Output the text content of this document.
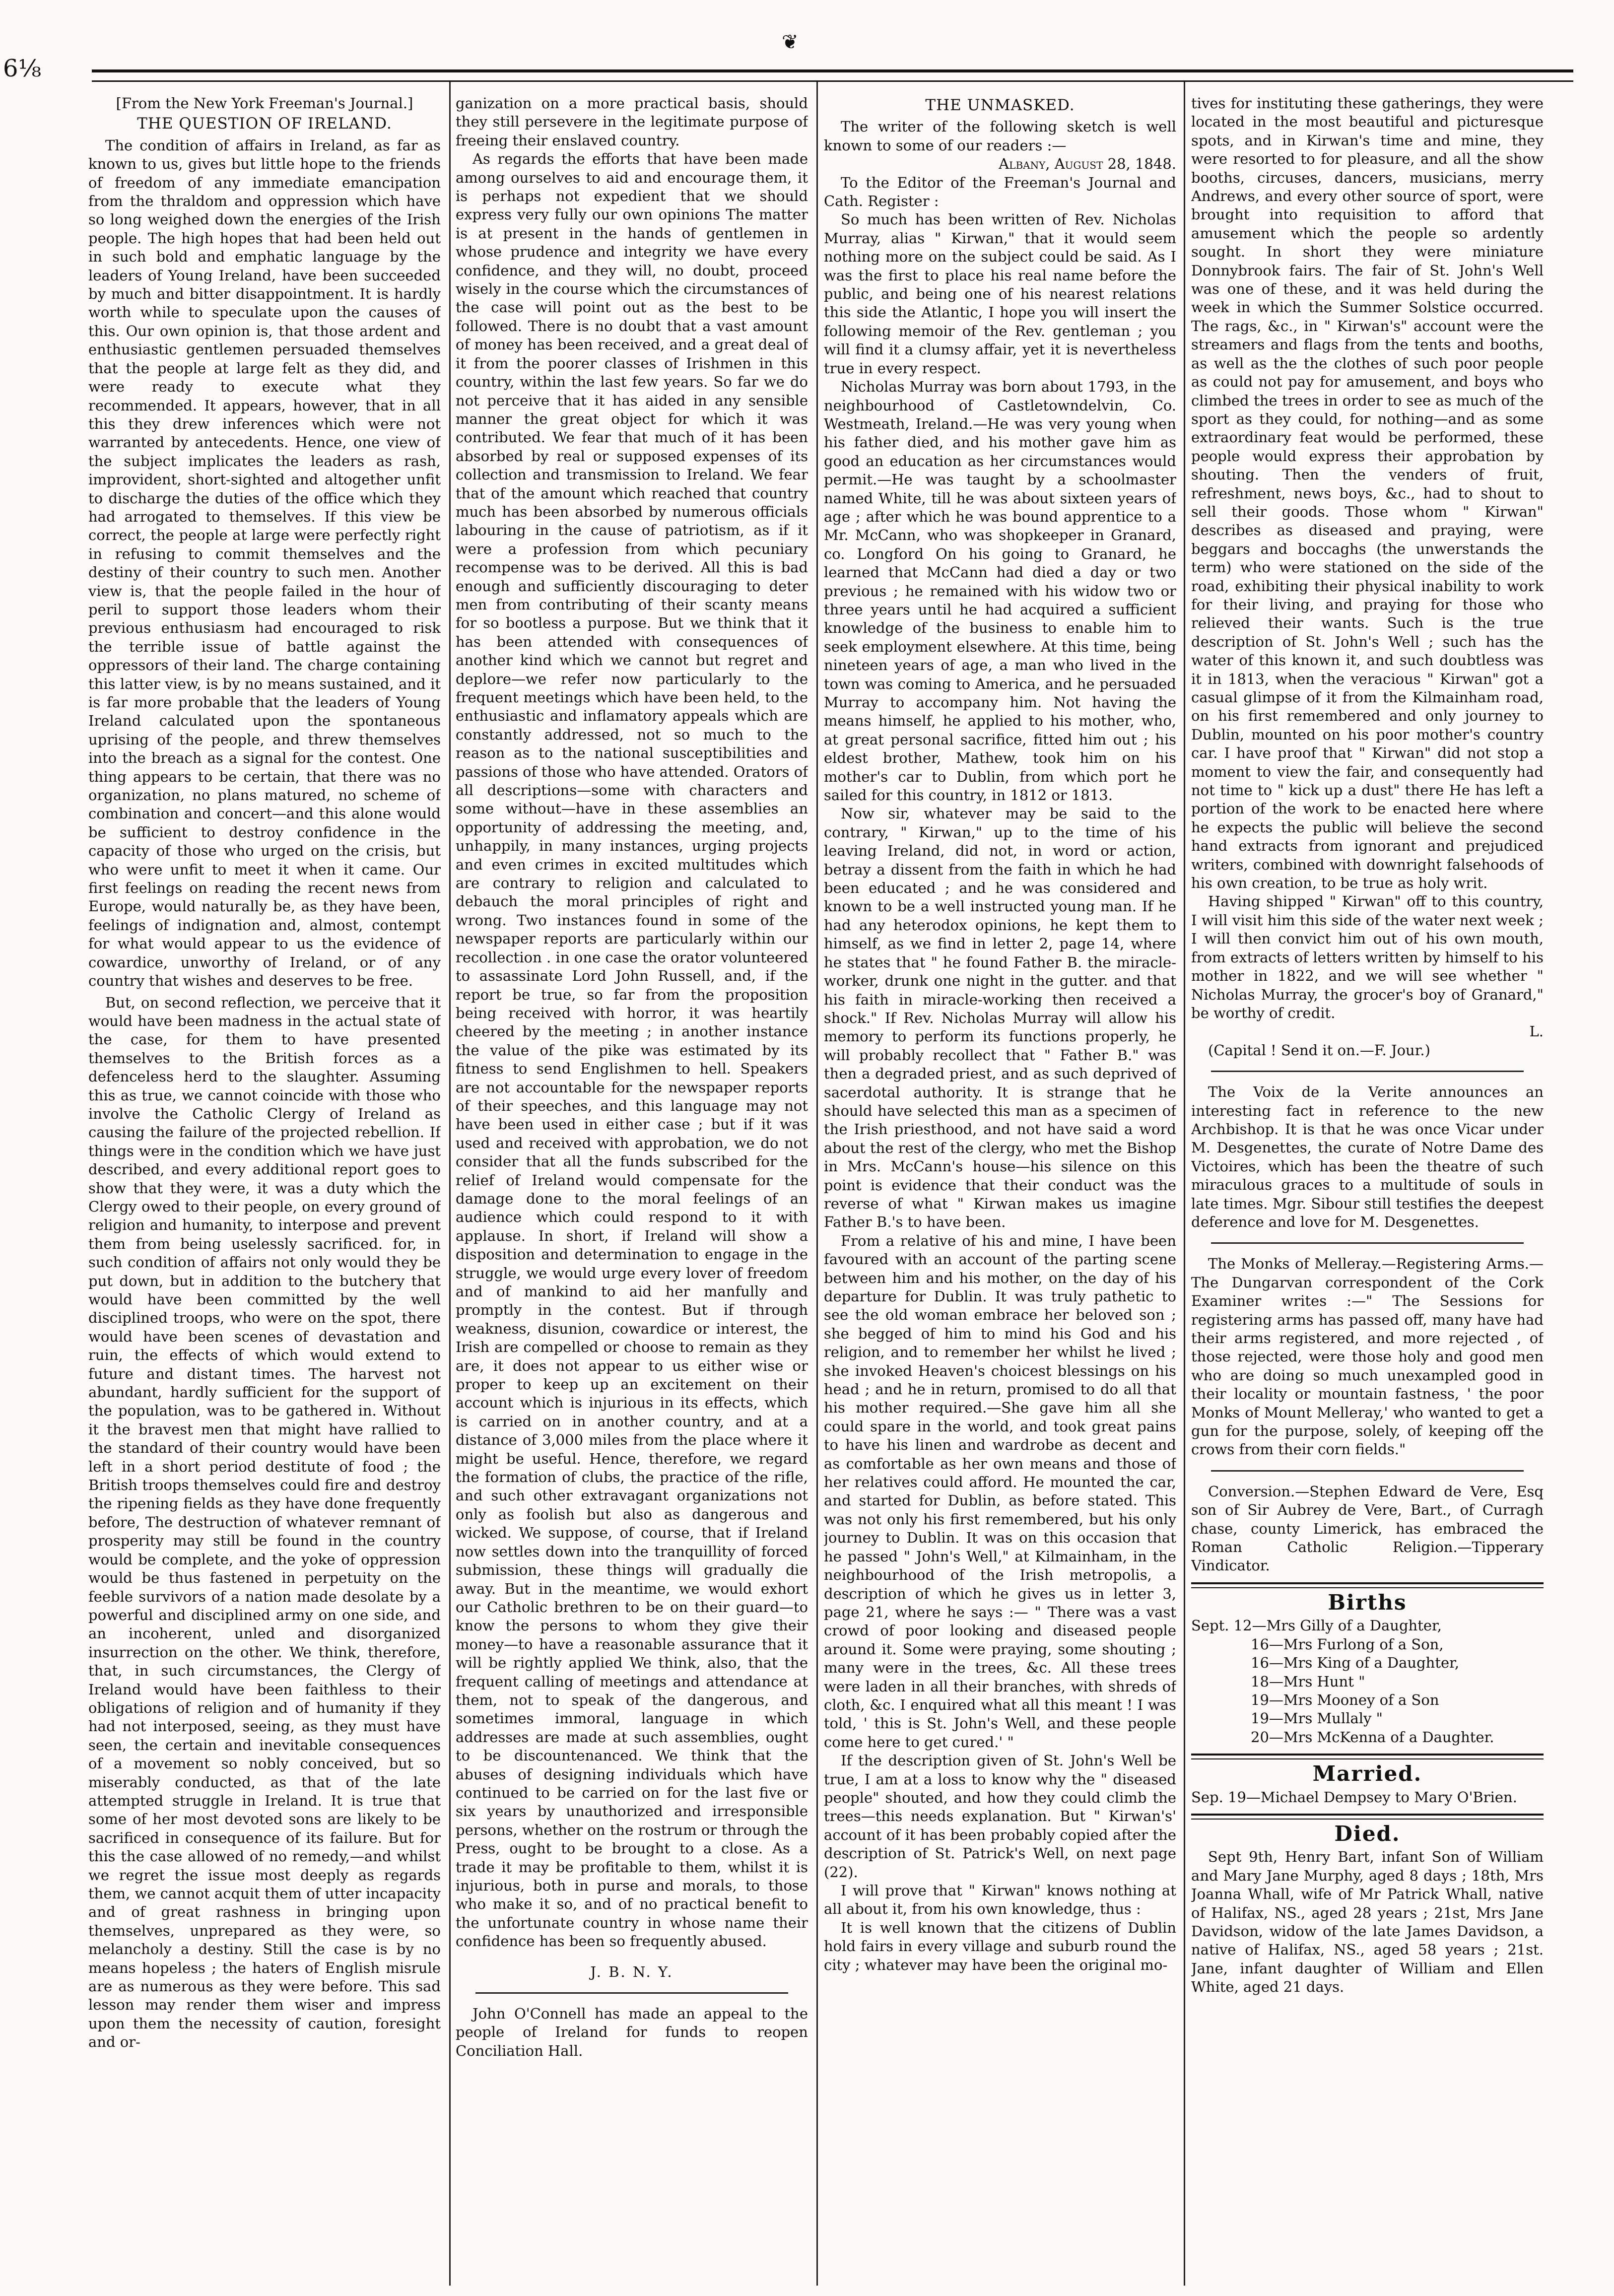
6⅛
❦

[From the New York Freeman's Journal.]

THE QUESTION OF IRELAND.

The condition of affairs in Ireland, as far as known to us, gives but little hope to the friends of freedom of any immediate emancipation from the thraldom and oppression which have so long weighed down the energies of the Irish people. The high hopes that had been held out in such bold and emphatic language by the leaders of Young Ireland, have been succeeded by much and bitter disappointment. It is hardly worth while to speculate upon the causes of this. Our own opinion is, that those ardent and enthusiastic gentlemen persuaded themselves that the people at large felt as they did, and were ready to execute what they recommended. It appears, however, that in all this they drew inferences which were not warranted by antecedents. Hence, one view of the subject implicates the leaders as rash, improvident, short-sighted and altogether unfit to discharge the duties of the office which they had arrogated to themselves. If this view be correct, the people at large were perfectly right in refusing to commit themselves and the destiny of their country to such men. Another view is, that the people failed in the hour of peril to support those leaders whom their previous enthusiasm had encouraged to risk the terrible issue of battle against the oppressors of their land. The charge containing this latter view, is by no means sustained, and it is far more probable that the leaders of Young Ireland calculated upon the spontaneous uprising of the people, and threw themselves into the breach as a signal for the contest. One thing appears to be certain, that there was no organization, no plans matured, no scheme of combination and concert—and this alone would be sufficient to destroy confidence in the capacity of those who urged on the crisis, but who were unfit to meet it when it came. Our first feelings on reading the recent news from Europe, would naturally be, as they have been, feelings of indignation and, almost, contempt for what would appear to us the evidence of cowardice, unworthy of Ireland, or of any country that wishes and deserves to be free.

But, on second reflection, we perceive that it would have been madness in the actual state of the case, for them to have presented themselves to the British forces as a defenceless herd to the slaughter. Assuming this as true, we cannot coincide with those who involve the Catholic Clergy of Ireland as causing the failure of the projected rebellion. If things were in the condition which we have just described, and every additional report goes to show that they were, it was a duty which the Clergy owed to their people, on every ground of religion and humanity, to interpose and prevent them from being uselessly sacrificed. for, in such condition of affairs not only would they be put down, but in addition to the butchery that would have been committed by the well disciplined troops, who were on the spot, there would have been scenes of devastation and ruin, the effects of which would extend to future and distant times. The harvest not abundant, hardly sufficient for the support of the population, was to be gathered in. Without it the bravest men that might have rallied to the standard of their country would have been left in a short period destitute of food ; the British troops themselves could fire and destroy the ripening fields as they have done frequently before, The destruction of whatever remnant of prosperity may still be found in the country would be complete, and the yoke of oppression would be thus fastened in perpetuity on the feeble survivors of a nation made desolate by a powerful and disciplined army on one side, and an incoherent, unled and disorganized insurrection on the other. We think, therefore, that, in such circumstances, the Clergy of Ireland would have been faithless to their obligations of religion and of humanity if they had not interposed, seeing, as they must have seen, the certain and inevitable consequences of a movement so nobly conceived, but so miserably conducted, as that of the late attempted struggle in Ireland. It is true that some of her most devoted sons are likely to be sacrificed in consequence of its failure. But for this the case allowed of no remedy,—and whilst we regret the issue most deeply as regards them, we cannot acquit them of utter incapacity and of great rashness in bringing upon themselves, unprepared as they were, so melancholy a destiny. Still the case is by no means hopeless ; the haters of English misrule are as numerous as they were before. This sad lesson may render them wiser and impress upon them the necessity of caution, foresight and or-

ganization on a more practical basis, should they still persevere in the legitimate purpose of freeing their enslaved country.

As regards the efforts that have been made among ourselves to aid and encourage them, it is perhaps not expedient that we should express very fully our own opinions The matter is at present in the hands of gentlemen in whose prudence and integrity we have every confidence, and they will, no doubt, proceed wisely in the course which the circumstances of the case will point out as the best to be followed. There is no doubt that a vast amount of money has been received, and a great deal of it from the poorer classes of Irishmen in this country, within the last few years. So far we do not perceive that it has aided in any sensible manner the great object for which it was contributed. We fear that much of it has been absorbed by real or supposed expenses of its collection and transmission to Ireland. We fear that of the amount which reached that country much has been absorbed by numerous officials labouring in the cause of patriotism, as if it were a profession from which pecuniary recompense was to be derived. All this is bad enough and sufficiently discouraging to deter men from contributing of their scanty means for so bootless a purpose. But we think that it has been attended with consequences of another kind which we cannot but regret and deplore—we refer now particularly to the frequent meetings which have been held, to the enthusiastic and inflamatory appeals which are constantly addressed, not so much to the reason as to the national susceptibilities and passions of those who have attended. Orators of all descriptions—some with characters and some without—have in these assemblies an opportunity of addressing the meeting, and, unhappily, in many instances, urging projects and even crimes in excited multitudes which are contrary to religion and calculated to debauch the moral principles of right and wrong. Two instances found in some of the newspaper reports are particularly within our recollection . in one case the orator volunteered to assassinate Lord John Russell, and, if the report be true, so far from the proposition being received with horror, it was heartily cheered by the meeting ; in another instance the value of the pike was estimated by its fitness to send Englishmen to hell. Speakers are not accountable for the newspaper reports of their speeches, and this language may not have been used in either case ; but if it was used and received with approbation, we do not consider that all the funds subscribed for the relief of Ireland would compensate for the damage done to the moral feelings of an audience which could respond to it with applause. In short, if Ireland will show a disposition and determination to engage in the struggle, we would urge every lover of freedom and of mankind to aid her manfully and promptly in the contest. But if through weakness, disunion, cowardice or interest, the Irish are compelled or choose to remain as they are, it does not appear to us either wise or proper to keep up an excitement on their account which is injurious in its effects, which is carried on in another country, and at a distance of 3,000 miles from the place where it might be useful. Hence, therefore, we regard the formation of clubs, the practice of the rifle, and such other extravagant organizations not only as foolish but also as dangerous and wicked. We suppose, of course, that if Ireland now settles down into the tranquillity of forced submission, these things will gradually die away. But in the meantime, we would exhort our Catholic brethren to be on their guard—to know the persons to whom they give their money—to have a reasonable assurance that it will be rightly applied We think, also, that the frequent calling of meetings and attendance at them, not to speak of the dangerous, and sometimes immoral, language in which addresses are made at such assemblies, ought to be discountenanced. We think that the abuses of designing individuals which have continued to be carried on for the last five or six years by unauthorized and irresponsible persons, whether on the rostrum or through the Press, ought to be brought to a close. As a trade it may be profitable to them, whilst it is injurious, both in purse and morals, to those who make it so, and of no practical benefit to the unfortunate country in whose name their confidence has been so frequently abused.

J. B. N. Y.

John O'Connell has made an appeal to the people of Ireland for funds to reopen Conciliation Hall.

THE UNMASKED.

The writer of the following sketch is well known to some of our readers :—

Albany, August 28, 1848.

To the Editor of the Freeman's Journal and Cath. Register :

So much has been written of Rev. Nicholas Murray, alias " Kirwan," that it would seem nothing more on the subject could be said. As I was the first to place his real name before the public, and being one of his nearest relations this side the Atlantic, I hope you will insert the following memoir of the Rev. gentleman ; you will find it a clumsy affair, yet it is nevertheless true in every respect.

Nicholas Murray was born about 1793, in the neighbourhood of Castletowndelvin, Co. Westmeath, Ireland.—He was very young when his father died, and his mother gave him as good an education as her circumstances would permit.—He was taught by a schoolmaster named White, till he was about sixteen years of age ; after which he was bound apprentice to a Mr. McCann, who was shopkeeper in Granard, co. Longford On his going to Granard, he learned that McCann had died a day or two previous ; he remained with his widow two or three years until he had acquired a sufficient knowledge of the business to enable him to seek employment elsewhere. At this time, being nineteen years of age, a man who lived in the town was coming to America, and he persuaded Murray to accompany him. Not having the means himself, he applied to his mother, who, at great personal sacrifice, fitted him out ; his eldest brother, Mathew, took him on his mother's car to Dublin, from which port he sailed for this country, in 1812 or 1813.

Now sir, whatever may be said to the contrary, " Kirwan," up to the time of his leaving Ireland, did not, in word or action, betray a dissent from the faith in which he had been educated ; and he was considered and known to be a well instructed young man. If he had any heterodox opinions, he kept them to himself, as we find in letter 2, page 14, where he states that " he found Father B. the miracle-worker, drunk one night in the gutter. and that his faith in miracle-working then received a shock." If Rev. Nicholas Murray will allow his memory to perform its functions properly, he will probably recollect that " Father B." was then a degraded priest, and as such deprived of sacerdotal authority. It is strange that he should have selected this man as a specimen of the Irish priesthood, and not have said a word about the rest of the clergy, who met the Bishop in Mrs. McCann's house—his silence on this point is evidence that their conduct was the reverse of what " Kirwan makes us imagine Father B.'s to have been.

From a relative of his and mine, I have been favoured with an account of the parting scene between him and his mother, on the day of his departure for Dublin. It was truly pathetic to see the old woman embrace her beloved son ; she begged of him to mind his God and his religion, and to remember her whilst he lived ; she invoked Heaven's choicest blessings on his head ; and he in return, promised to do all that his mother required.—She gave him all she could spare in the world, and took great pains to have his linen and wardrobe as decent and as comfortable as her own means and those of her relatives could afford. He mounted the car, and started for Dublin, as before stated. This was not only his first remembered, but his only journey to Dublin. It was on this occasion that he passed " John's Well," at Kilmainham, in the neighbourhood of the Irish metropolis, a description of which he gives us in letter 3, page 21, where he says :— " There was a vast crowd of poor looking and diseased people around it. Some were praying, some shouting ; many were in the trees, &c. All these trees were laden in all their branches, with shreds of cloth, &c. I enquired what all this meant ! I was told, ' this is St. John's Well, and these people come here to get cured.' "

If the description given of St. John's Well be true, I am at a loss to know why the " diseased people" shouted, and how they could climb the trees—this needs explanation. But " Kirwan's' account of it has been probably copied after the description of St. Patrick's Well, on next page (22).

I will prove that " Kirwan" knows nothing at all about it, from his own knowledge, thus :

It is well known that the citizens of Dublin hold fairs in every village and suburb round the city ; whatever may have been the original mo-

tives for instituting these gatherings, they were located in the most beautiful and picturesque spots, and in Kirwan's time and mine, they were resorted to for pleasure, and all the show booths, circuses, dancers, musicians, merry Andrews, and every other source of sport, were brought into requisition to afford that amusement which the people so ardently sought. In short they were miniature Donnybrook fairs. The fair of St. John's Well was one of these, and it was held during the week in which the Summer Solstice occurred. The rags, &c., in " Kirwan's" account were the streamers and flags from the tents and booths, as well as the the clothes of such poor people as could not pay for amusement, and boys who climbed the trees in order to see as much of the sport as they could, for nothing—and as some extraordinary feat would be performed, these people would express their approbation by shouting. Then the venders of fruit, refreshment, news boys, &c., had to shout to sell their goods. Those whom " Kirwan" describes as diseased and praying, were beggars and boccaghs (the unwerstands the term) who were stationed on the side of the road, exhibiting their physical inability to work for their living, and praying for those who relieved their wants. Such is the true description of St. John's Well ; such has the water of this known it, and such doubtless was it in 1813, when the veracious " Kirwan" got a casual glimpse of it from the Kilmainham road, on his first remembered and only journey to Dublin, mounted on his poor mother's country car. I have proof that " Kirwan" did not stop a moment to view the fair, and consequently had not time to " kick up a dust" there He has left a portion of the work to be enacted here where he expects the public will believe the second hand extracts from ignorant and prejudiced writers, combined with downright falsehoods of his own creation, to be true as holy writ.

Having shipped " Kirwan" off to this country, I will visit him this side of the water next week ; I will then convict him out of his own mouth, from extracts of letters written by himself to his mother in 1822, and we will see whether " Nicholas Murray, the grocer's boy of Granard," be worthy of credit.

L.

(Capital ! Send it on.—F. Jour.)

The Voix de la Verite announces an interesting fact in reference to the new Archbishop. It is that he was once Vicar under M. Desgenettes, the curate of Notre Dame des Victoires, which has been the theatre of such miraculous graces to a multitude of souls in late times. Mgr. Sibour still testifies the deepest deference and love for M. Desgenettes.

The Monks of Melleray.—Registering Arms.—The Dungarvan correspondent of the Cork Examiner writes :—" The Sessions for registering arms has passed off, many have had their arms registered, and more rejected , of those rejected, were those holy and good men who are doing so much unexampled good in their locality or mountain fastness, ' the poor Monks of Mount Melleray,' who wanted to get a gun for the purpose, solely, of keeping off the crows from their corn fields."

Conversion.—Stephen Edward de Vere, Esq son of Sir Aubrey de Vere, Bart., of Curragh chase, county Limerick, has embraced the Roman Catholic Religion.—Tipperary Vindicator.

Births

Sept. 12—Mrs Gilly of a Daughter,

16—Mrs Furlong of a Son,

16—Mrs King of a Daughter,

18—Mrs Hunt "

19—Mrs Mooney of a Son

19—Mrs Mullaly "

20—Mrs McKenna of a Daughter.

Married.

Sep. 19—Michael Dempsey to Mary O'Brien.

Died.

Sept 9th, Henry Bart, infant Son of William and Mary Jane Murphy, aged 8 days ; 18th, Mrs Joanna Whall, wife of Mr Patrick Whall, native of Halifax, NS., aged 28 years ; 21st, Mrs Jane Davidson, widow of the late James Davidson, a native of Halifax, NS., aged 58 years ; 21st. Jane, infant daughter of William and Ellen White, aged 21 days.
